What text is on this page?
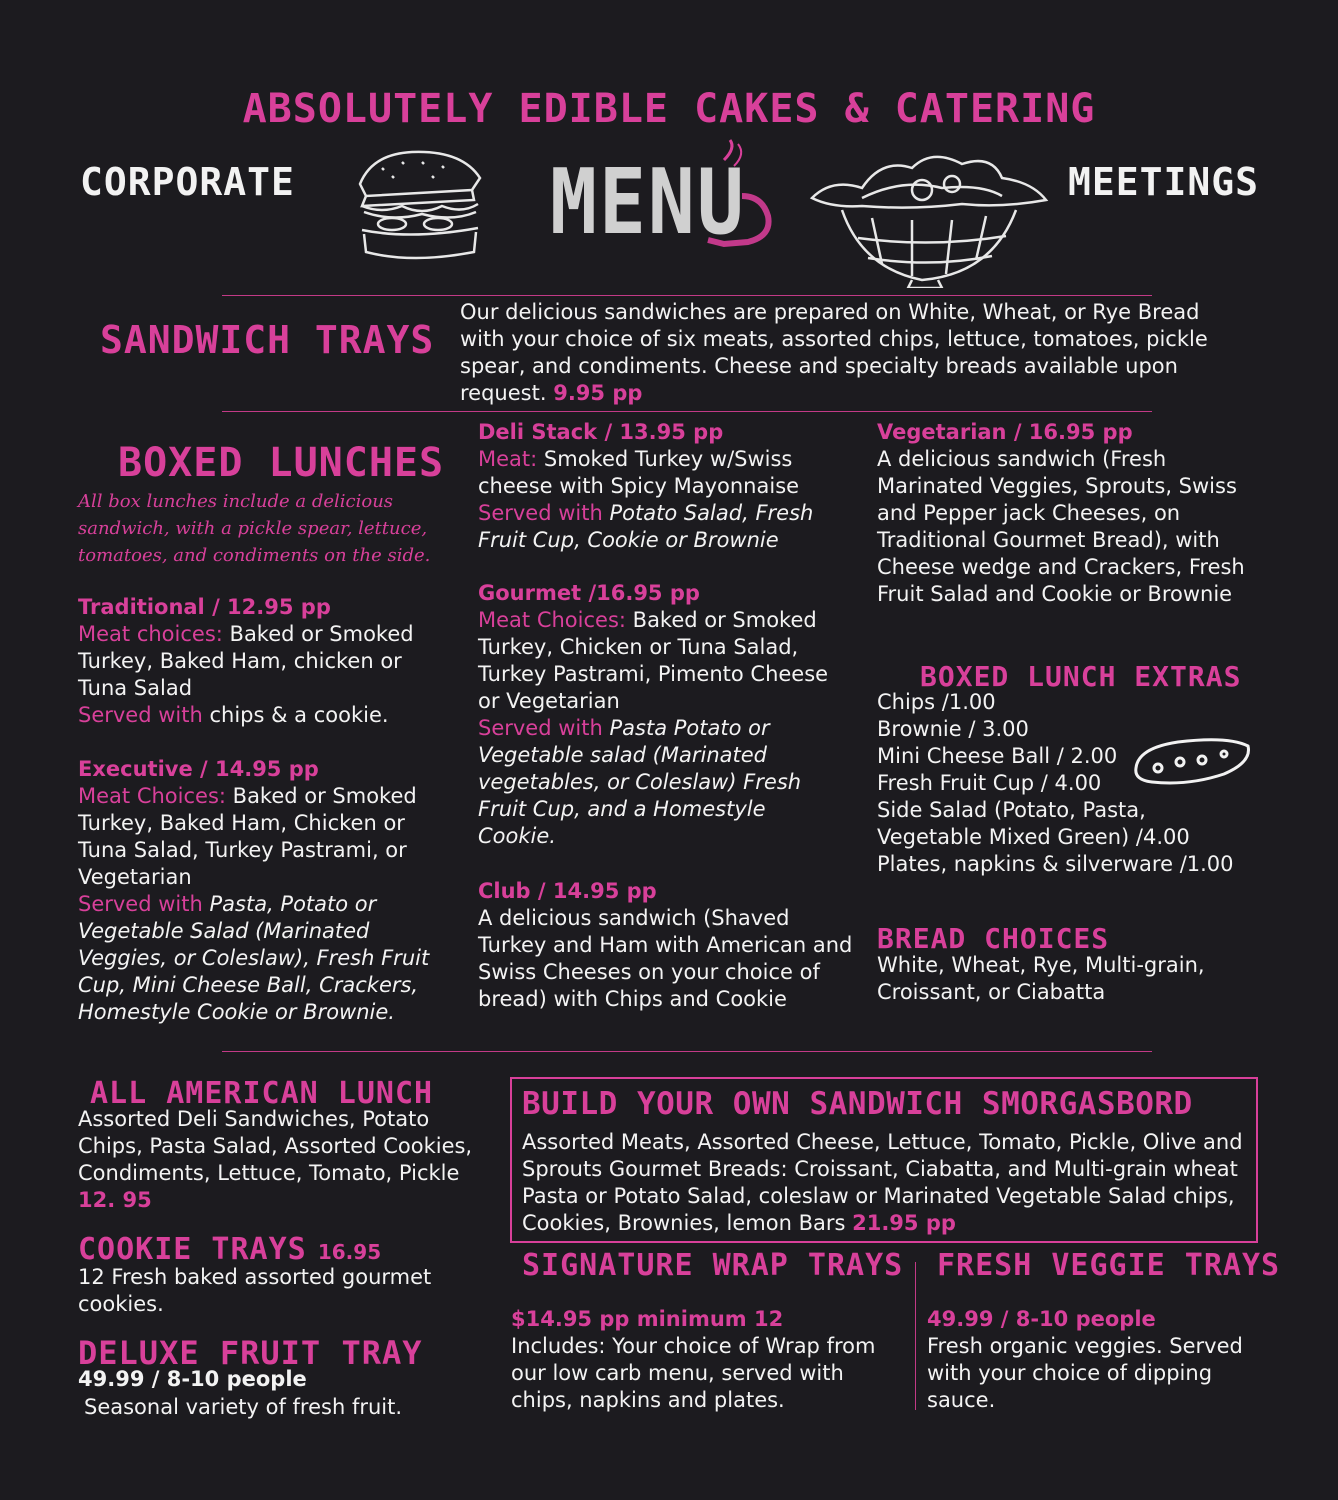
ABSOLUTELY EDIBLE CAKES & CATERING
CORPORATE	MEETINGS
MENU
SANDWICH TRAYS
Our delicious sandwiches are prepared on White, Wheat, or Rye Bread with your choice of six meats, assorted chips, lettuce, tomatoes, pickle spear, and condiments. Cheese and specialty breads available upon request. 9.95 pp
BOXED LUNCHES
All box lunches include a delicious sandwich, with a pickle spear, lettuce, tomatoes, and condiments on the side.
Traditional / 12.95 pp
Meat choices: Baked or Smoked Turkey, Baked Ham, chicken or Tuna Salad
Served with chips & a cookie.
Executive / 14.95 pp
Meat Choices: Baked or Smoked Turkey, Baked Ham, Chicken or Tuna Salad, Turkey Pastrami, or Vegetarian
Served with Pasta, Potato or Vegetable Salad (Marinated Veggies, or Coleslaw), Fresh Fruit Cup, Mini Cheese Ball, Crackers, Homestyle Cookie or Brownie.
Deli Stack / 13.95 pp
Meat: Smoked Turkey w/Swiss cheese with Spicy Mayonnaise
Served with Potato Salad, Fresh Fruit Cup, Cookie or Brownie
Gourmet /16.95 pp
Meat Choices: Baked or Smoked Turkey, Chicken or Tuna Salad, Turkey Pastrami, Pimento Cheese or Vegetarian
Served with Pasta Potato or Vegetable salad (Marinated vegetables, or Coleslaw) Fresh Fruit Cup, and a Homestyle Cookie.
Club / 14.95 pp
A delicious sandwich (Shaved Turkey and Ham with American and Swiss Cheeses on your choice of bread) with Chips and Cookie
Vegetarian / 16.95 pp
A delicious sandwich (Fresh Marinated Veggies, Sprouts, Swiss and Pepper jack Cheeses, on Traditional Gourmet Bread), with Cheese wedge and Crackers, Fresh Fruit Salad and Cookie or Brownie
BOXED LUNCH EXTRAS
Chips /1.00
Brownie / 3.00
Mini Cheese Ball / 2.00
Fresh Fruit Cup / 4.00
Side Salad (Potato, Pasta, Vegetable Mixed Green) /4.00
Plates, napkins & silverware /1.00
BREAD CHOICES
White, Wheat, Rye, Multi-grain, Croissant, or Ciabatta
ALL AMERICAN LUNCH
Assorted Deli Sandwiches, Potato Chips, Pasta Salad, Assorted Cookies, Condiments, Lettuce, Tomato, Pickle
12. 95
COOKIE TRAYS 16.95
12 Fresh baked assorted gourmet cookies.
DELUXE FRUIT TRAY
49.99 / 8-10 people
Seasonal variety of fresh fruit.
BUILD YOUR OWN SANDWICH SMORGASBORD
Assorted Meats, Assorted Cheese, Lettuce, Tomato, Pickle, Olive and Sprouts Gourmet Breads: Croissant, Ciabatta, and Multi-grain wheat Pasta or Potato Salad, coleslaw or Marinated Vegetable Salad chips, Cookies, Brownies, lemon Bars 21.95 pp
SIGNATURE WRAP TRAYS FRESH VEGGIE TRAYS
$14.95 pp minimum 12
Includes: Your choice of Wrap from our low carb menu, served with chips, napkins and plates.
49.99 / 8-10 people
Fresh organic veggies. Served with your choice of dipping sauce.
